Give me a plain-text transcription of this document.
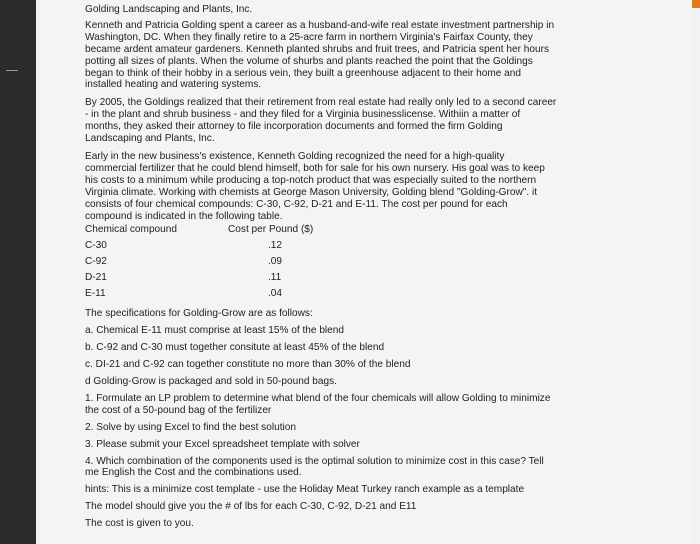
Golding Landscaping and Plants, Inc.

Kenneth and Patricia Golding spent a career as a husband-and-wife real estate investment partnership in Washington, DC. When they finally retire to a 25-acre farm in northern Virginia's Fairfax County, they became ardent amateur gardeners. Kenneth planted shrubs and fruit trees, and Patricia spent her hours potting all sizes of plants. When the volume of shurbs and plants reached the point that the Goldings began to think of their hobby in a serious vein, they built a greenhouse adjacent to their home and installed heating and watering systems.

By 2005, the Goldings realized that their retirement from real estate had really only led to a second career - in the plant and shrub business - and they filed for a Virginia businesslicense. Withiin a matter of months, they asked their attorney to file incorporation documents and formed the firm Golding Landscaping and Plants, Inc.

Early in the new business's existence, Kenneth Golding recognized the need for a high-quality commercial fertilizer that he could blend himself, both for sale for his own nursery. His goal was to keep his costs to a minimum while producing a top-notch product that was especially suited to the northern Virginia climate. Working with chemists at George Mason University, Golding blend "Golding-Grow". it consists of four chemical compounds: C-30, C-92, D-21 and E-11. The cost per pound for each compound is indicated in the following table.

Chemical compound	Cost per Pound ($)
C-30	.12
C-92	.09
D-21	.11
E-11	.04

The specifications for Golding-Grow are as follows:

a. Chemical E-11 must comprise at least 15% of the blend

b. C-92 and C-30 must together consitute at least 45% of the blend

c. DI-21 and C-92 can together constitute no more than 30% of the blend

d Golding-Grow is packaged and sold in 50-pound bags.

1. Formulate an LP problem to determine what blend of the four chemicals will allow Golding to minimize the cost of a 50-pound bag of the fertilizer

2. Solve by using Excel to find the best solution

3. Please submit your Excel spreadsheet template with solver

4. Which combination of the components used is the optimal solution to minimize cost in this case? Tell me English the Cost and the combinations used.

hints: This is a minimize cost template - use the Holiday Meat Turkey ranch example as a template

The model should give you the # of lbs for each C-30, C-92, D-21 and E11

The cost is given to you.
